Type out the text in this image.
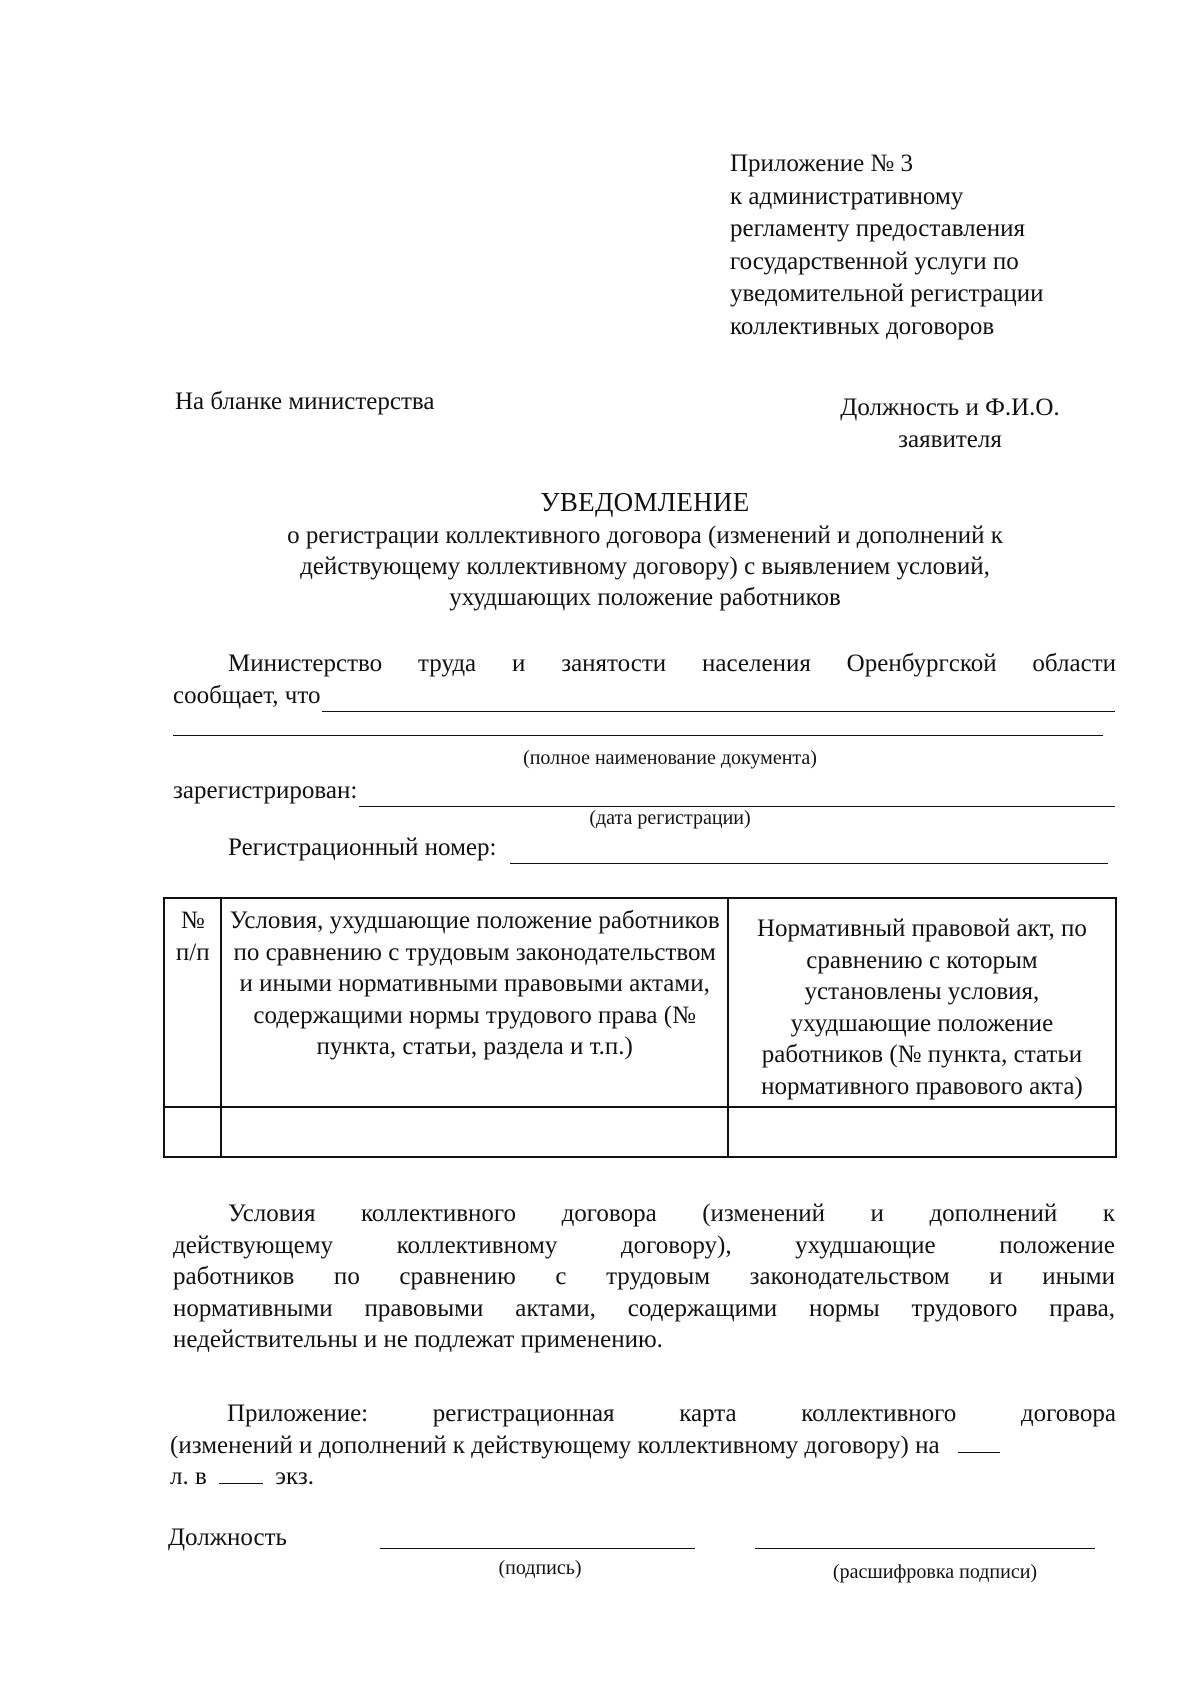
Приложение № 3
к административному
регламенту предоставления
государственной услуги по
уведомительной регистрации
коллективных договоров
На бланке министерства	Должность и Ф.И.О.
заявителя
УВЕДОМЛЕНИЕ
о регистрации коллективного договора (изменений и дополнений к
действующему коллективному договору) с выявлением условий,
ухудшающих положение работников
Министерство труда и занятости населения Оренбургской области
сообщает, что
(полное наименование документа)
зарегистрирован:
(дата регистрации)
Регистрационный номер:
№ п/п	Условия, ухудшающие положение работников по сравнению с трудовым законодательством и иными нормативными правовыми актами, содержащими нормы трудового права (№ пункта, статьи, раздела и т.п.)	Нормативный правовой акт, по сравнению с которым установлены условия, ухудшающие положение работников (№ пункта, статьи нормативного правового акта)

Условия коллективного договора (изменений и дополнений к
действующему коллективному договору), ухудшающие положение
работников по сравнению с трудовым законодательством и иными
нормативными правовыми актами, содержащими нормы трудового права,
недействительны и не подлежат применению.
Приложение: регистрационная карта коллективного договора
(изменений и дополнений к действующему коллективному договору) на
л. в	экз.
Должность
(подпись)	(расшифровка подписи)
